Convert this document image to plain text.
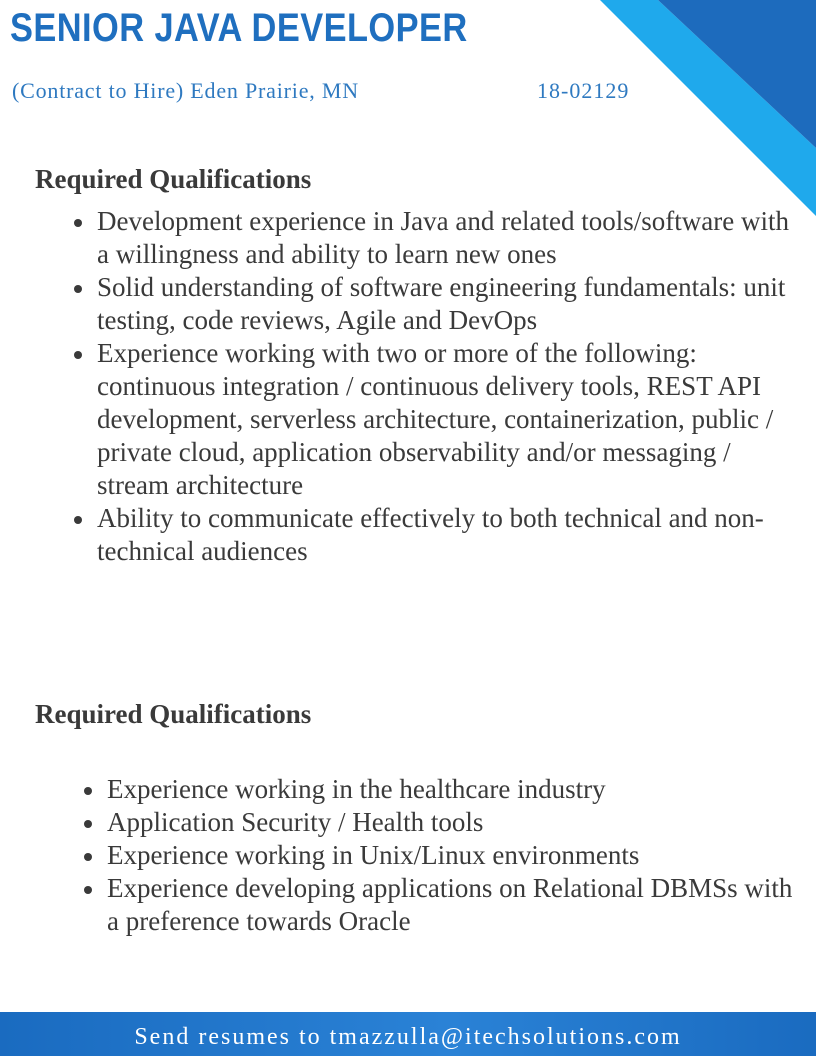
SENIOR JAVA DEVELOPER
(Contract to Hire) Eden Prairie, MN	18-02129
Required Qualifications
Development experience in Java and related tools/software with a willingness and ability to learn new ones
Solid understanding of software engineering fundamentals: unit testing, code reviews, Agile and DevOps
Experience working with two or more of the following: continuous integration / continuous delivery tools, REST API development, serverless architecture, containerization, public / private cloud, application observability and/or messaging / stream architecture
Ability to communicate effectively to both technical and non-technical audiences
Required Qualifications
Experience working in the healthcare industry
Application Security / Health tools
Experience working in Unix/Linux environments
Experience developing applications on Relational DBMSs with a preference towards Oracle
Send resumes to tmazzulla@itechsolutions.com
